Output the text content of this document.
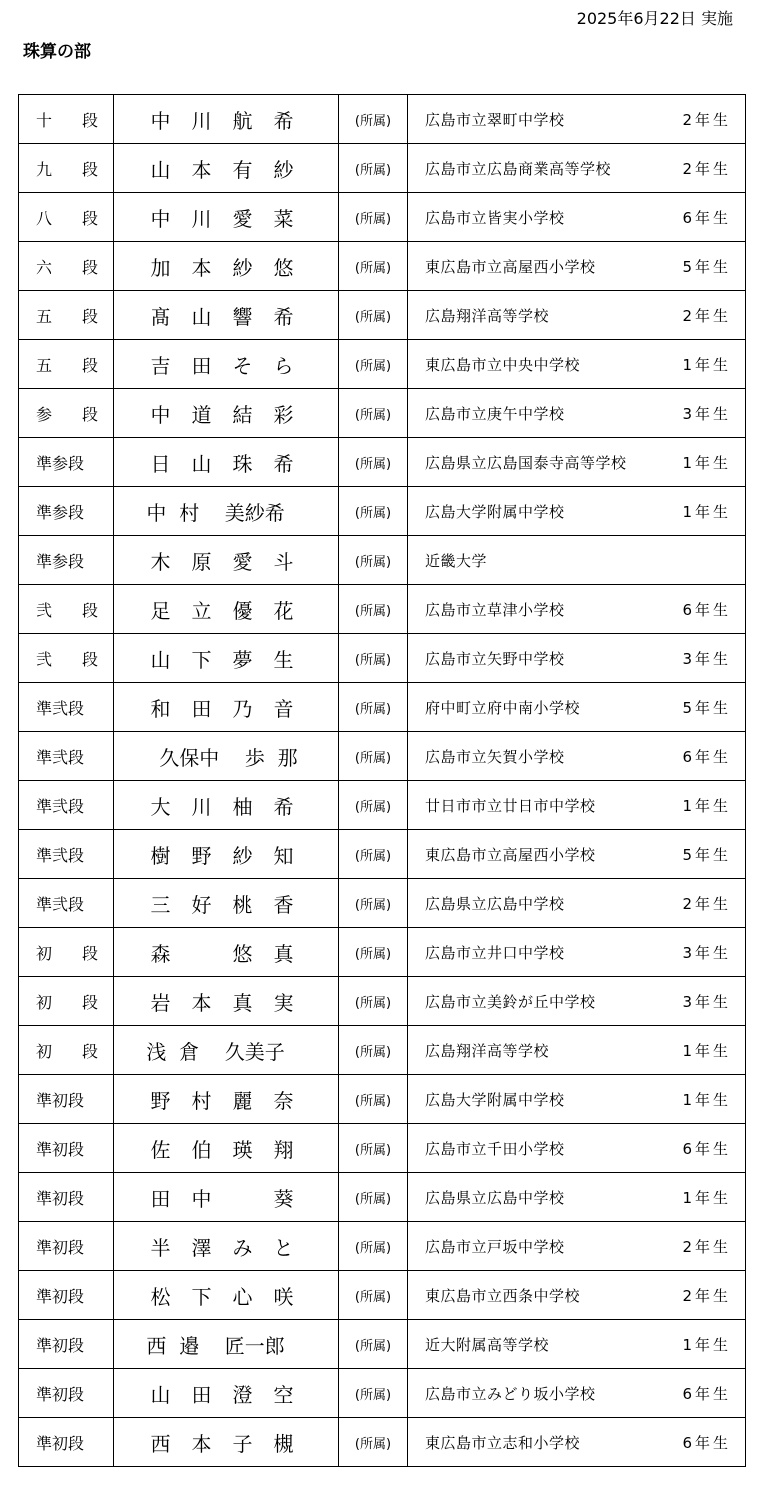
2025年6月22日 実施
珠算の部
十 段	中 川 航 希	(所属)	広島市立翠町中学校 2年生

九 段	山 本 有 紗	(所属)	広島市立広島商業高等学校 2年生

八 段	中 川 愛 菜	(所属)	広島市立皆実小学校 6年生

六 段	加 本 紗 悠	(所属)	東広島市立高屋西小学校 5年生

五 段	髙 山 響 希	(所属)	広島翔洋高等学校 2年生

五 段	吉 田 そ ら	(所属)	東広島市立中央中学校 1年生

参 段	中 道 結 彩	(所属)	広島市立庚午中学校 3年生

準参段	日 山 珠 希	(所属)	広島県立広島国泰寺高等学校 1年生

準参段	中 村 美紗希	(所属)	広島大学附属中学校 1年生

準参段	木 原 愛 斗	(所属)	近畿大学

弐 段	足 立 優 花	(所属)	広島市立草津小学校 6年生

弐 段	山 下 夢 生	(所属)	広島市立矢野中学校 3年生

準弐段	和 田 乃 音	(所属)	府中町立府中南小学校 5年生

準弐段	久保中 歩 那	(所属)	広島市立矢賀小学校 6年生

準弐段	大 川 柚 希	(所属)	廿日市市立廿日市中学校 1年生

準弐段	樹 野 紗 知	(所属)	東広島市立高屋西小学校 5年生

準弐段	三 好 桃 香	(所属)	広島県立広島中学校 2年生

初 段	森 悠 真	(所属)	広島市立井口中学校 3年生

初 段	岩 本 真 実	(所属)	広島市立美鈴が丘中学校 3年生

初 段	浅 倉 久美子	(所属)	広島翔洋高等学校 1年生

準初段	野 村 麗 奈	(所属)	広島大学附属中学校 1年生

準初段	佐 伯 瑛 翔	(所属)	広島市立千田小学校 6年生

準初段	田 中 葵	(所属)	広島県立広島中学校 1年生

準初段	半 澤 み と	(所属)	広島市立戸坂中学校 2年生

準初段	松 下 心 咲	(所属)	東広島市立西条中学校 2年生

準初段	西 邉 匠一郎	(所属)	近大附属高等学校 1年生

準初段	山 田 澄 空	(所属)	広島市立みどり坂小学校 6年生

準初段	西 本 子 槻	(所属)	東広島市立志和小学校 6年生
